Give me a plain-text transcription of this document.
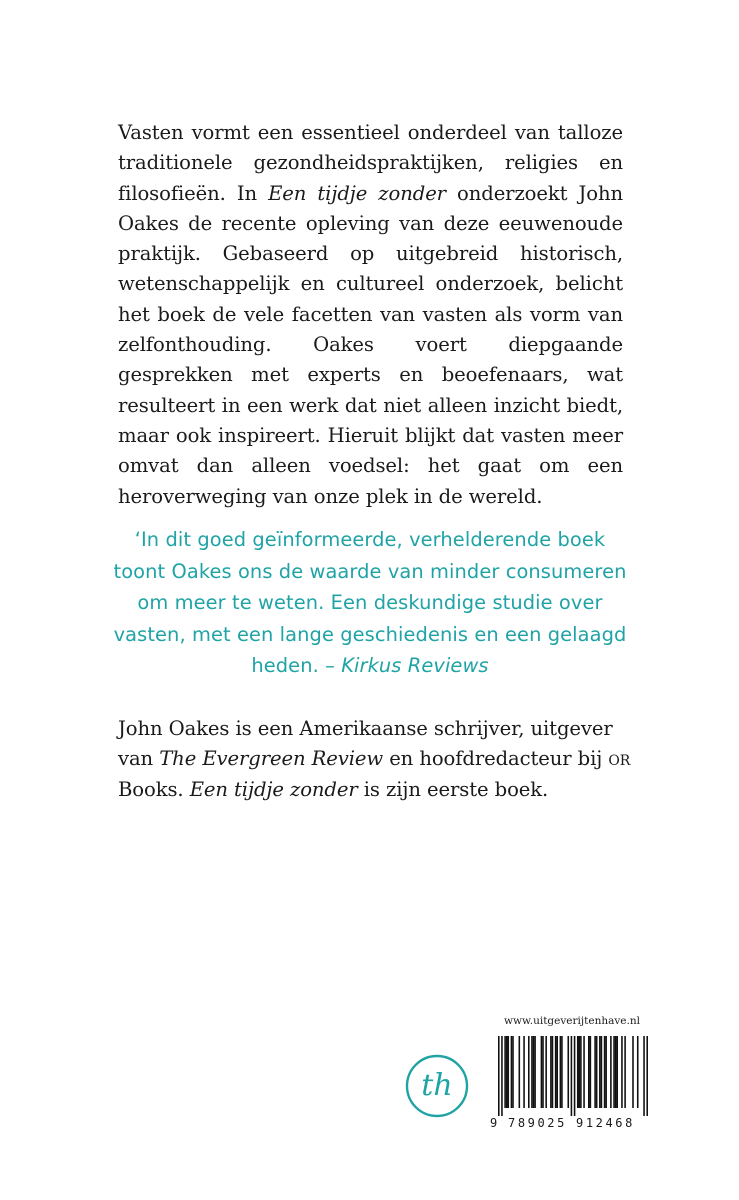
Vasten vormt een essentieel onderdeel van talloze traditionele gezondheidspraktijken, religies en filosofieën. In Een tijdje zonder onderzoekt John Oakes de recente opleving van deze eeuwenoude praktijk. Gebaseerd op uitgebreid historisch, wetenschappelijk en cultureel onderzoek, belicht het boek de vele facetten van vasten als vorm van zelfonthouding. Oakes voert diepgaande gesprekken met experts en beoefenaars, wat resulteert in een werk dat niet alleen inzicht biedt, maar ook inspireert. Hieruit blijkt dat vasten meer omvat dan alleen voedsel: het gaat om een heroverweging van onze plek in de wereld.

‘In dit goed geïnformeerde, verhelderende boek toont Oakes ons de waarde van minder consumeren om meer te weten. Een deskundige studie over vasten, met een lange geschiedenis en een gelaagd heden. – Kirkus Reviews

John Oakes is een Amerikaanse schrijver, uitgever van The Evergreen Review en hoofdredacteur bij or Books. Een tijdje zonder is zijn eerste boek.

th
www.uitgeverijtenhave.nl
9 789025 912468
